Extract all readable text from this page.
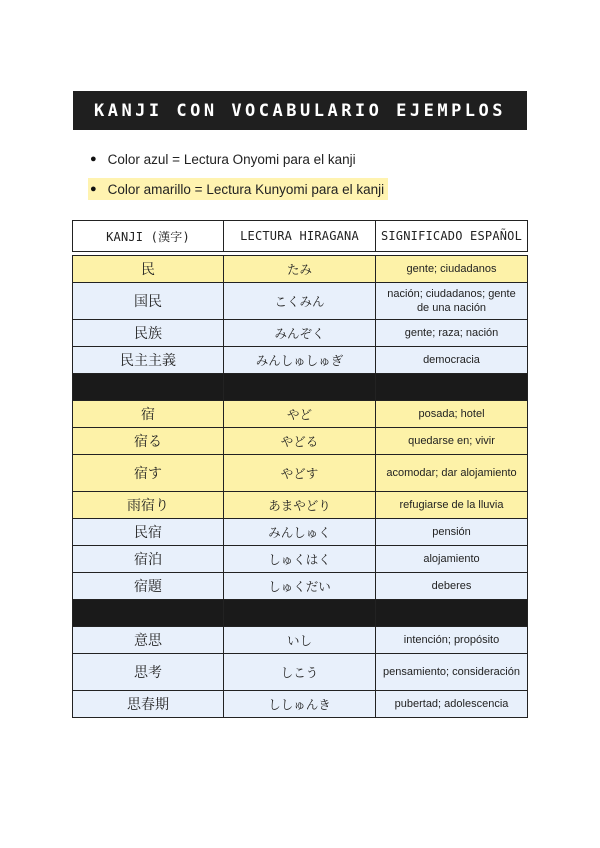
KANJI CON VOCABULARIO EJEMPLOS
● Color azul = Lectura Onyomi para el kanji
● Color amarillo = Lectura Kunyomi para el kanji
KANJI (漢字)	LECTURA HIRAGANA	SIGNIFICADO ESPAÑOL

民	たみ	gente; ciudadanos
国民	こくみん	nación; ciudadanos; gente de una nación
民族	みんぞく	gente; raza; nación
民主主義	みんしゅしゅぎ	democracia

宿	やど	posada; hotel
宿る	やどる	quedarse en; vivir
宿す	やどす	acomodar; dar alojamiento
雨宿り	あまやどり	refugiarse de la lluvia
民宿	みんしゅく	pensión
宿泊	しゅくはく	alojamiento
宿題	しゅくだい	deberes

意思	いし	intención; propósito
思考	しこう	pensamiento; consideración
思春期	ししゅんき	pubertad; adolescencia
